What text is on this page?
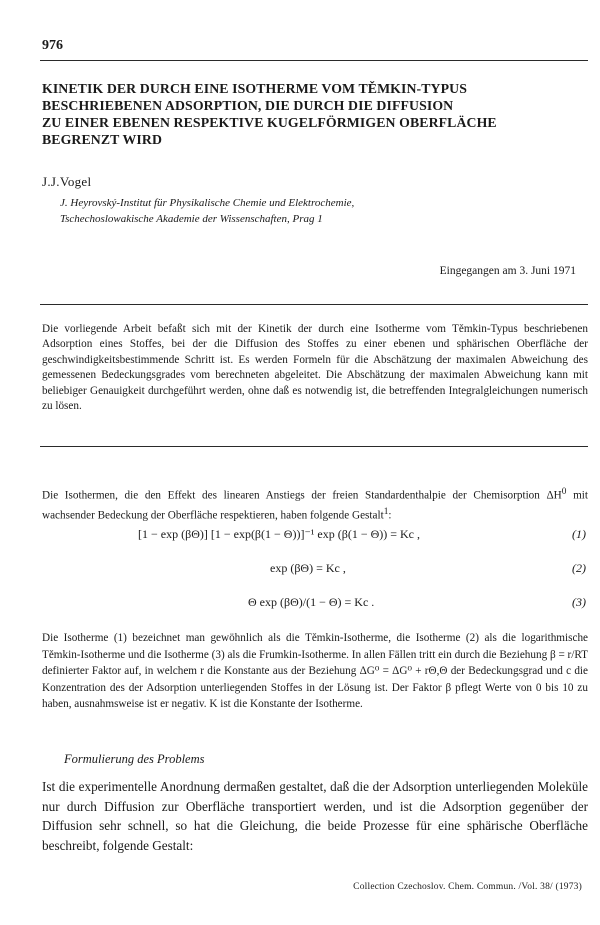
976
KINETIK DER DURCH EINE ISOTHERME VOM TĚMKIN-TYPUS
BESCHRIEBENEN ADSORPTION, DIE DURCH DIE DIFFUSION
ZU EINER EBENEN RESPEKTIVE KUGELFÖRMIGEN OBERFLÄCHE
BEGRENZT WIRD
J.J.Vogel
J. Heyrovský-Institut für Physikalische Chemie und Elektrochemie,
Tschechoslowakische Akademie der Wissenschaften, Prag 1
Eingegangen am 3. Juni 1971
Die vorliegende Arbeit befaßt sich mit der Kinetik der durch eine Isotherme vom Těmkin-Typus beschriebenen Adsorption eines Stoffes, bei der die Diffusion des Stoffes zu einer ebenen und sphärischen Oberfläche der geschwindigkeitsbestimmende Schritt ist. Es werden Formeln für die Abschätzung der maximalen Abweichung des gemessenen Bedeckungsgrades vom berechneten abgeleitet. Die Abschätzung der maximalen Abweichung kann mit beliebiger Genauigkeit durchgeführt werden, ohne daß es notwendig ist, die betreffenden Integralgleichungen numerisch zu lösen.
Die Isothermen, die den Effekt des linearen Anstiegs der freien Standardenthalpie der Chemisorption $\Delta H^0$ mit wachsender Bedeckung der Oberfläche respektieren, haben folgende Gestalt$^1$:
[1 − exp (βΘ)] [1 − exp(β(1 − Θ))]⁻¹ exp (β(1 − Θ)) = Kc ,	(1)
exp (βΘ) = Kc ,	(2)
Θ exp (βΘ)/(1 − Θ) = Kc .	(3)
Die Isotherme (1) bezeichnet man gewöhnlich als die Těmkin-Isotherme, die Isotherme (2) als die logarithmische Těmkin-Isotherme und die Isotherme (3) als die Frumkin-Isotherme. In allen Fällen tritt ein durch die Beziehung β = r/RT definierter Faktor auf, in welchem r die Konstante aus der Beziehung ΔG⁰ = ΔG⁰ + rΘ,Θ der Bedeckungsgrad und c die Konzentration des der Adsorption unterliegenden Stoffes in der Lösung ist. Der Faktor β pflegt Werte von 0 bis 10 zu haben, ausnahmsweise ist er negativ. K ist die Konstante der Isotherme.
Formulierung des Problems
Ist die experimentelle Anordnung dermaßen gestaltet, daß die der Adsorption unterliegenden Moleküle nur durch Diffusion zur Oberfläche transportiert werden, und ist die Adsorption gegenüber der Diffusion sehr schnell, so hat die Gleichung, die beide Prozesse für eine sphärische Oberfläche beschreibt, folgende Gestalt:
Collection Czechoslov. Chem. Commun. /Vol. 38/ (1973)
